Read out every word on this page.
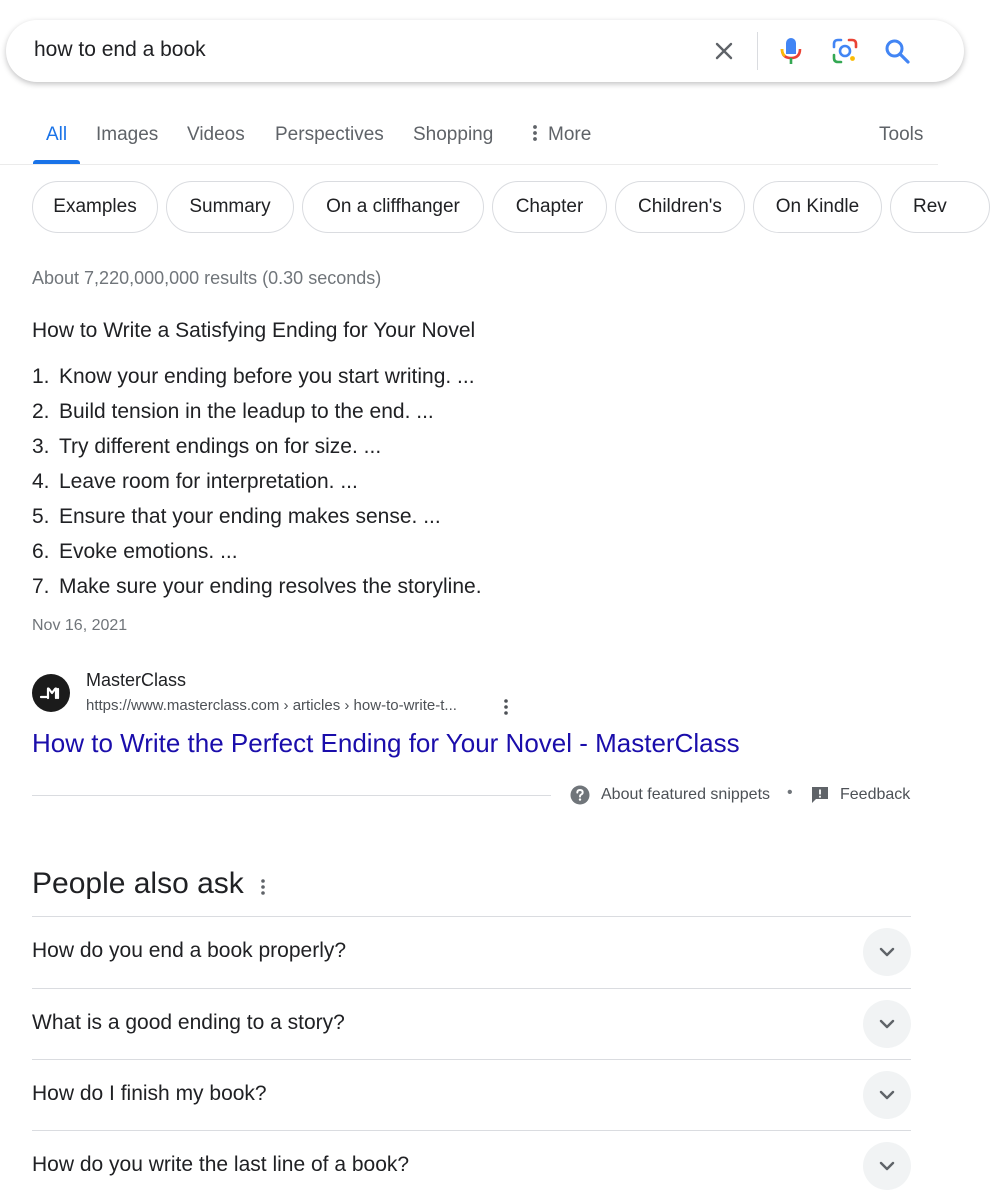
how to end a book
All Images Videos Perspectives Shopping	More	Tools
Examples	Summary	On a cliffhanger	Chapter	Children's	On Kindle	Rev
About 7,220,000,000 results (0.30 seconds)
How to Write a Satisfying Ending for Your Novel
1. Know your ending before you start writing. ...
2. Build tension in the leadup to the end. ...
3. Try different endings on for size. ...
4. Leave room for interpretation. ...
5. Ensure that your ending makes sense. ...
6. Evoke emotions. ...
7. Make sure your ending resolves the storyline.
Nov 16, 2021
MasterClass
https://www.masterclass.com › articles › how-to-write-t...
How to Write the Perfect Ending for Your Novel - MasterClass
About featured snippets •	Feedback
People also ask
How do you end a book properly?
What is a good ending to a story?
How do I finish my book?
How do you write the last line of a book?
